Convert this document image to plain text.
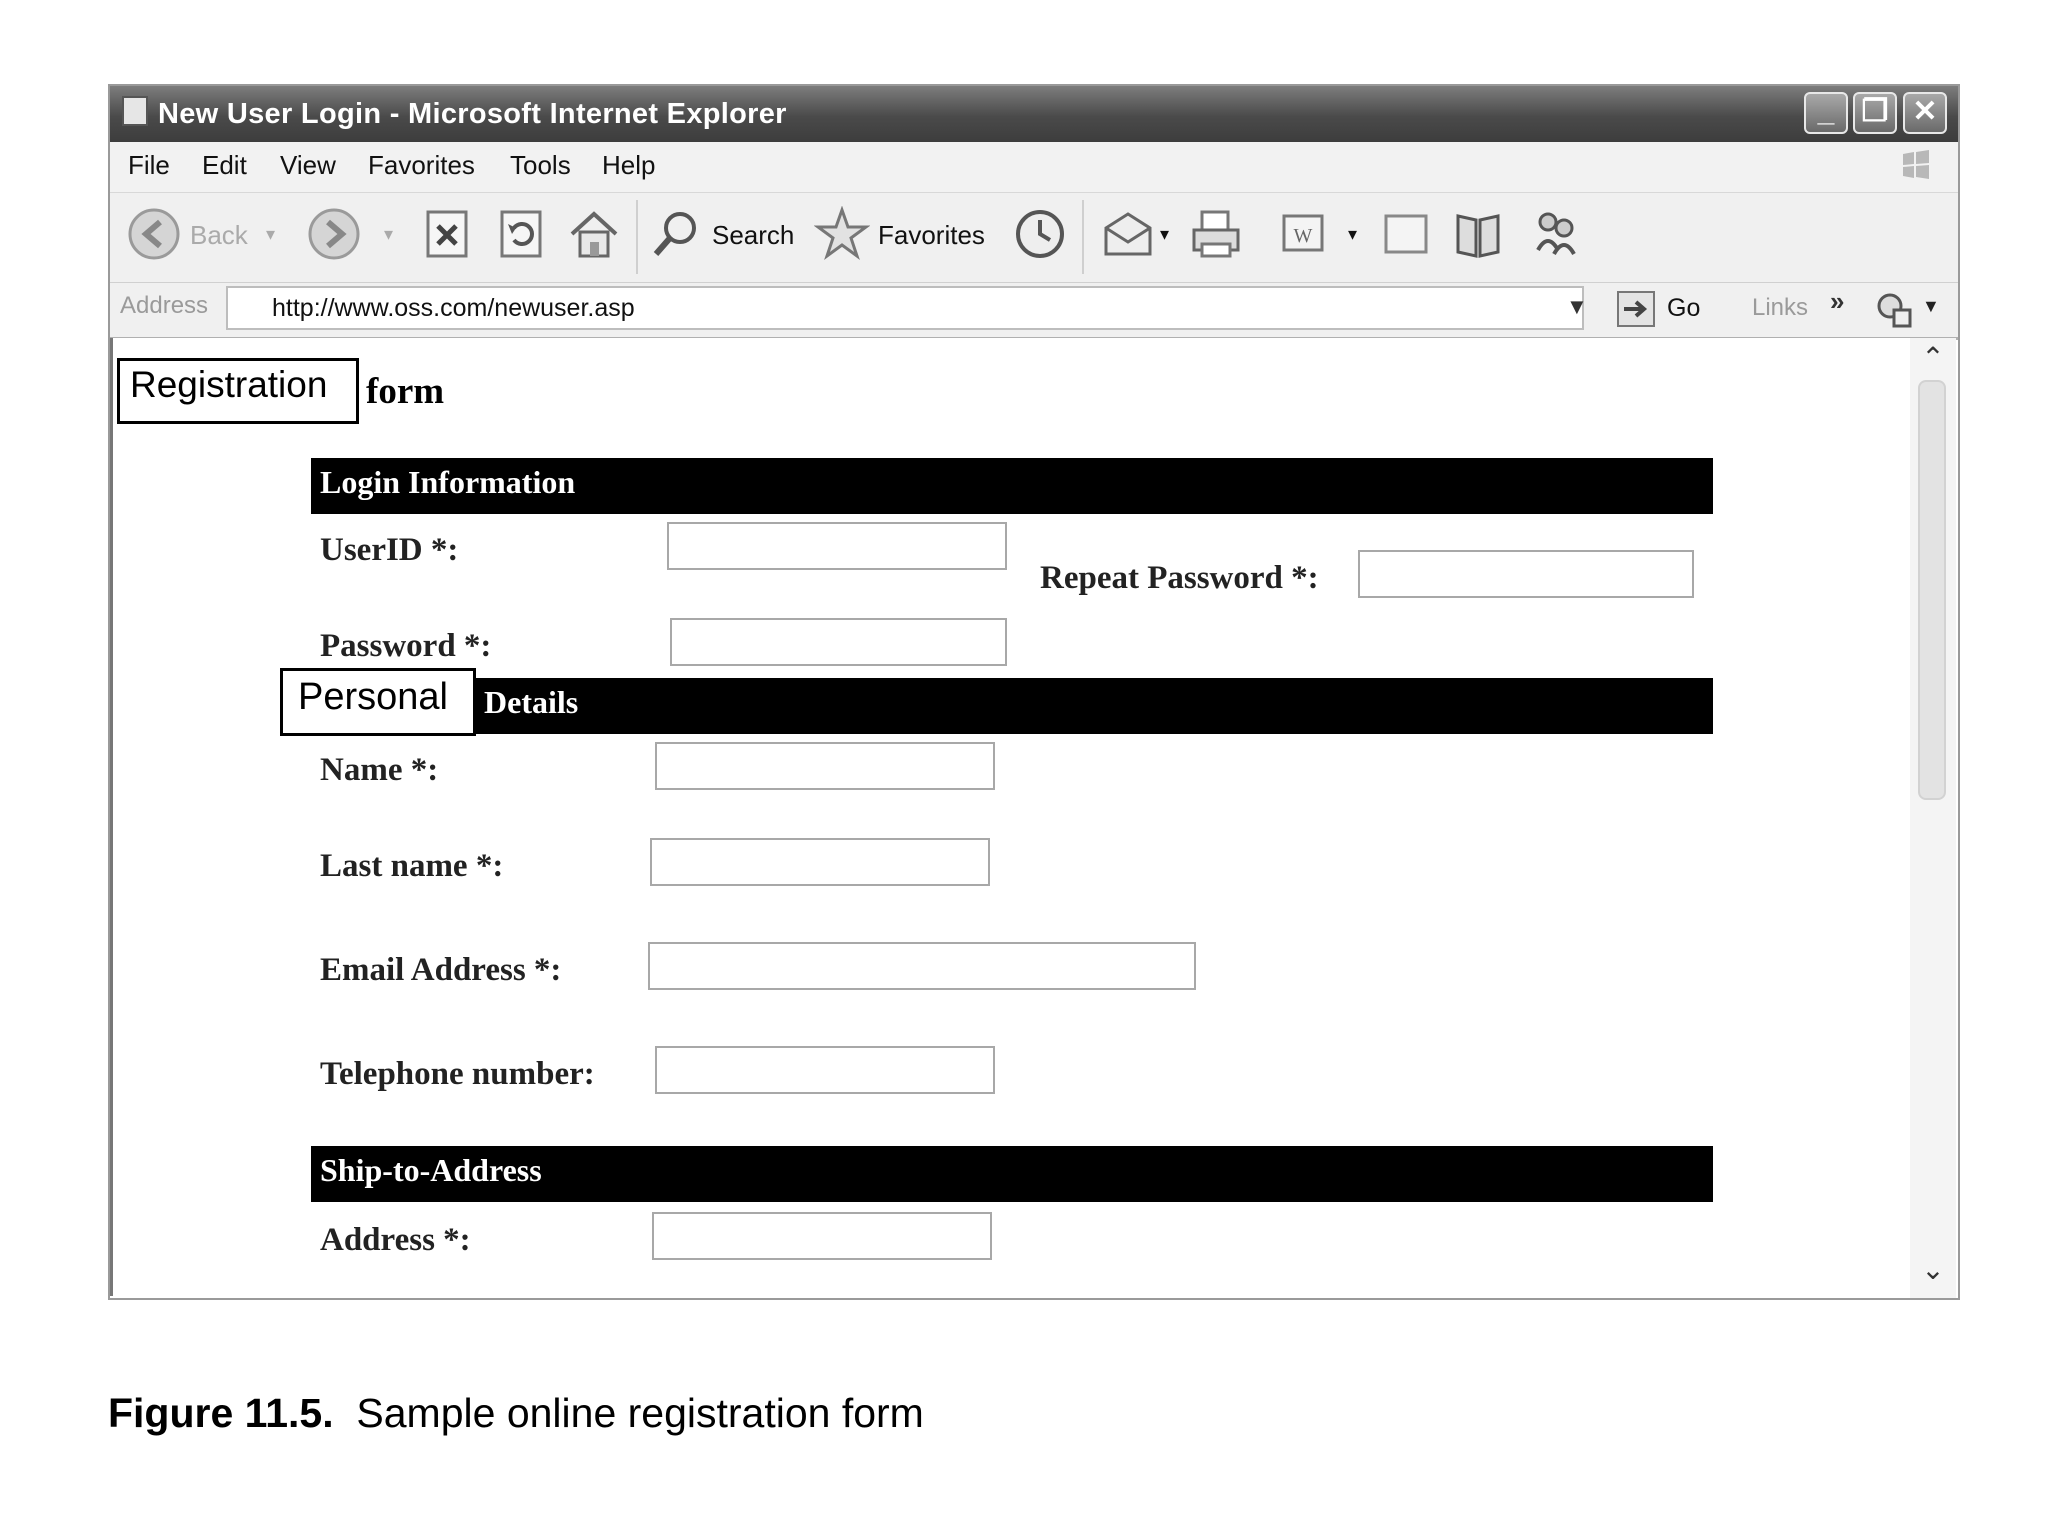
New User Login - Microsoft Internet Explorer	_ ❐ ✕
File Edit View Favorites Tools Help
Back ▾	▾	Search	Favorites	▾	W ▾
Address
http://www.oss.com/newuser.asp	▼	Go Links »	▼
⌃
⌄
Registration form
Login Information
UserID *:
Repeat Password *:
Password *:
Details
Personal
Name *:
Last name *:
Email Address *:
Telephone number:
Ship-to-Address
Address *:
Figure 11.5. Sample online registration form
